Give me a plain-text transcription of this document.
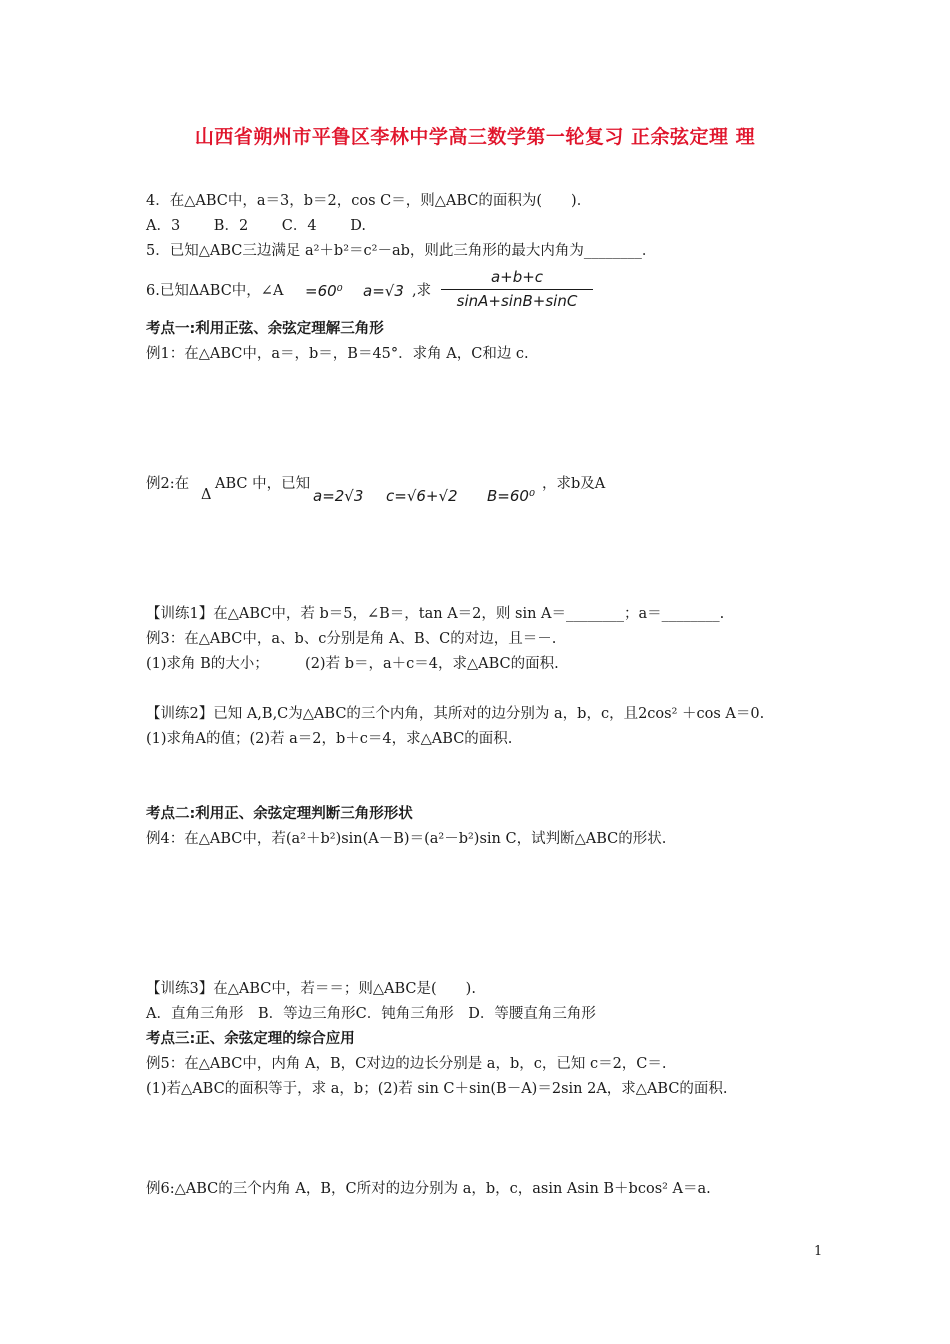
山西省朔州市平鲁区李林中学高三数学第一轮复习 正余弦定理 理
4．在△ABC中，a＝3，b＝2，cos C＝，则△ABC的面积为(　　)．
A．3　　 B．2　　 C．4　　 D.
5．已知△ABC三边满足 a²＋b²＝c²－ab，则此三角形的最大内角为________．
6.已知ΔABC中，∠A =60⁰ a=√3 ,求
a+b+c
sinA+sinB+sinC
考点一:利用正弦、余弦定理解三角形
例1：在△ABC中，a＝，b＝，B＝45°．求角 A，C和边 c.
例2:在
Δ
ABC 中，已知
a=2√3 c=√6+√2 B=60⁰
，求b及A
【训练1】在△ABC中，若 b＝5，∠B＝，tan A＝2，则 sin A＝________；a＝________.
例3：在△ABC中，a、b、c分别是角 A、B、C的对边，且＝－.
(1)求角 B的大小；　　　(2)若 b＝，a＋c＝4，求△ABC的面积.
【训练2】已知 A,B,C为△ABC的三个内角，其所对的边分别为 a，b，c，且2cos² ＋cos A＝0.
(1)求角A的值；(2)若 a＝2，b＋c＝4，求△ABC的面积.
考点二:利用正、余弦定理判断三角形形状
例4：在△ABC中，若(a²＋b²)sin(A－B)＝(a²－b²)sin C，试判断△ABC的形状.
【训练3】在△ABC中，若＝＝；则△ABC是(　　).
A．直角三角形　B．等边三角形C．钝角三角形　D．等腰直角三角形
考点三:正、余弦定理的综合应用
例5：在△ABC中，内角 A，B，C对边的边长分别是 a，b，c，已知 c＝2，C＝.
(1)若△ABC的面积等于，求 a，b；(2)若 sin C＋sin(B－A)＝2sin 2A，求△ABC的面积.
例6:△ABC的三个内角 A，B，C所对的边分别为 a，b，c，asin Asin B＋bcos² A＝a.
1
